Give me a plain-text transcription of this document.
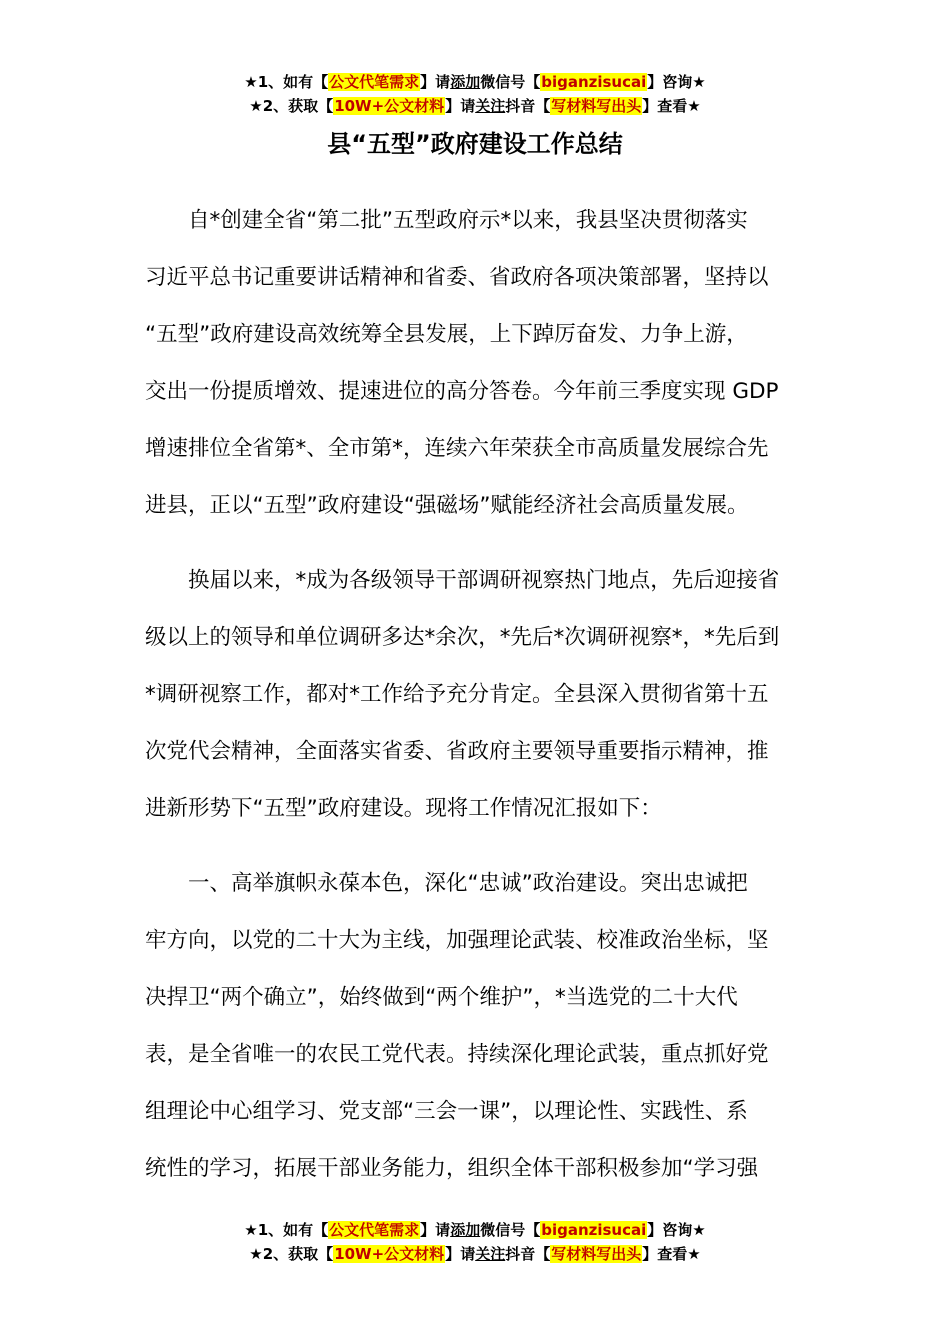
★1、如有【公文代笔需求】请添加微信号【biganzisucai】咨询★
★2、获取【10W+公文材料】请关注抖音【写材料写出头】查看★
县“五型”政府建设工作总结

自*创建全省“第二批”五型政府示*以来，我县坚决贯彻落实
习近平总书记重要讲话精神和省委、省政府各项决策部署，坚持以
“五型”政府建设高效统筹全县发展，上下踔厉奋发、力争上游，
交出一份提质增效、提速进位的高分答卷。今年前三季度实现 GDP
增速排位全省第*、全市第*，连续六年荣获全市高质量发展综合先
进县，正以“五型”政府建设“强磁场”赋能经济社会高质量发展。

换届以来，*成为各级领导干部调研视察热门地点，先后迎接省
级以上的领导和单位调研多达*余次，*先后*次调研视察*，*先后到
*调研视察工作，都对*工作给予充分肯定。全县深入贯彻省第十五
次党代会精神，全面落实省委、省政府主要领导重要指示精神，推
进新形势下“五型”政府建设。现将工作情况汇报如下：

一、高举旗帜永葆本色，深化“忠诚”政治建设。突出忠诚把
牢方向，以党的二十大为主线，加强理论武装、校准政治坐标，坚
决捍卫“两个确立”，始终做到“两个维护”，*当选党的二十大代
表，是全省唯一的农民工党代表。持续深化理论武装，重点抓好党
组理论中心组学习、党支部“三会一课”，以理论性、实践性、系
统性的学习，拓展干部业务能力，组织全体干部积极参加“学习强

★1、如有【公文代笔需求】请添加微信号【biganzisucai】咨询★
★2、获取【10W+公文材料】请关注抖音【写材料写出头】查看★
